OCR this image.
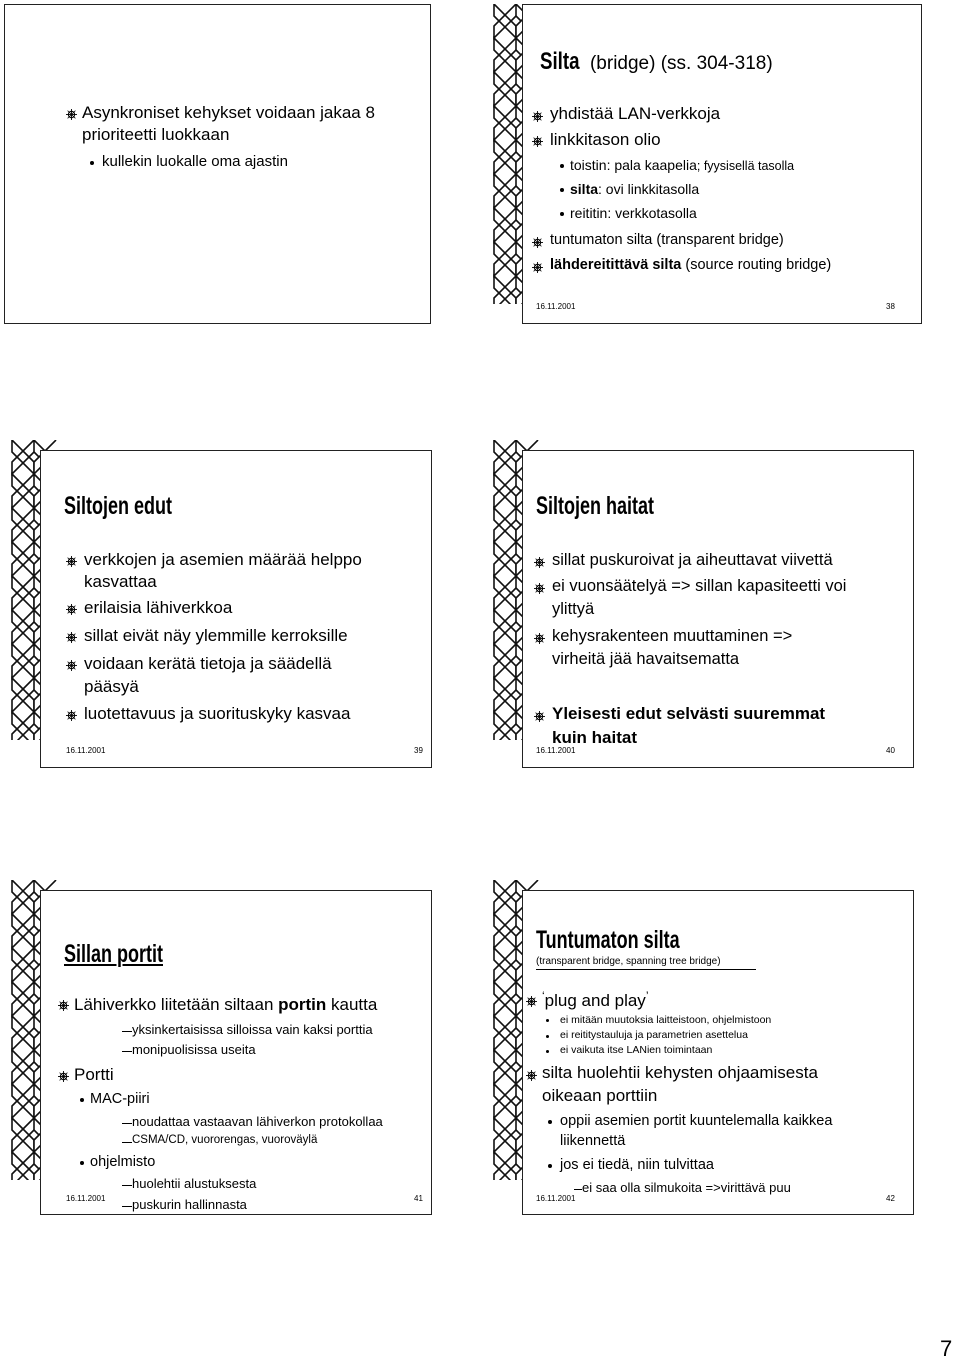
Asynkroniset kehykset voidaan jakaa 8
prioriteetti luokkaan
kullekin luokalle oma ajastin
Silta (bridge) (ss. 304-318)
yhdistää LAN-verkkoja
linkkitason olio
toistin: pala kaapelia; fyysisellä tasolla
silta: ovi linkkitasolla
reititin: verkkotasolla
tuntumaton silta (transparent bridge)
lähdereitittävä silta (source routing bridge)
16.11.2001	38
Siltojen edut
verkkojen ja asemien määrää helppo
kasvattaa
erilaisia lähiverkkoa
sillat eivät näy ylemmille kerroksille
voidaan kerätä tietoja ja säädellä
pääsyä
luotettavuus ja suorituskyky kasvaa
16.11.2001	39
Siltojen haitat
sillat puskuroivat ja aiheuttavat viivettä
ei vuonsäätelyä => sillan kapasiteetti voi
ylittyä
kehysrakenteen muuttaminen =>
virheitä jää havaitsematta
Yleisesti edut selvästi suuremmat
kuin haitat
16.11.2001	40
Sillan portit
Lähiverkko liitetään siltaan portin kautta
yksinkertaisissa silloissa vain kaksi porttia
monipuolisissa useita
Portti
MAC-piiri
noudattaa vastaavan lähiverkon protokollaa
CSMA/CD, vuororengas, vuoroväylä
ohjelmisto
huolehtii alustuksesta
puskurin hallinnasta
16.11.2001	41
Tuntumaton silta
(transparent bridge, spanning tree bridge)
‘plug and play’
ei mitään muutoksia laitteistoon, ohjelmistoon
ei reititystauluja ja parametrien asettelua
ei vaikuta itse LANien toimintaan
silta huolehtii kehysten ohjaamisesta
oikeaan porttiin
oppii asemien portit kuuntelemalla kaikkea
liikennettä
jos ei tiedä, niin tulvittaa
ei saa olla silmukoita =>virittävä puu
16.11.2001	42
7
